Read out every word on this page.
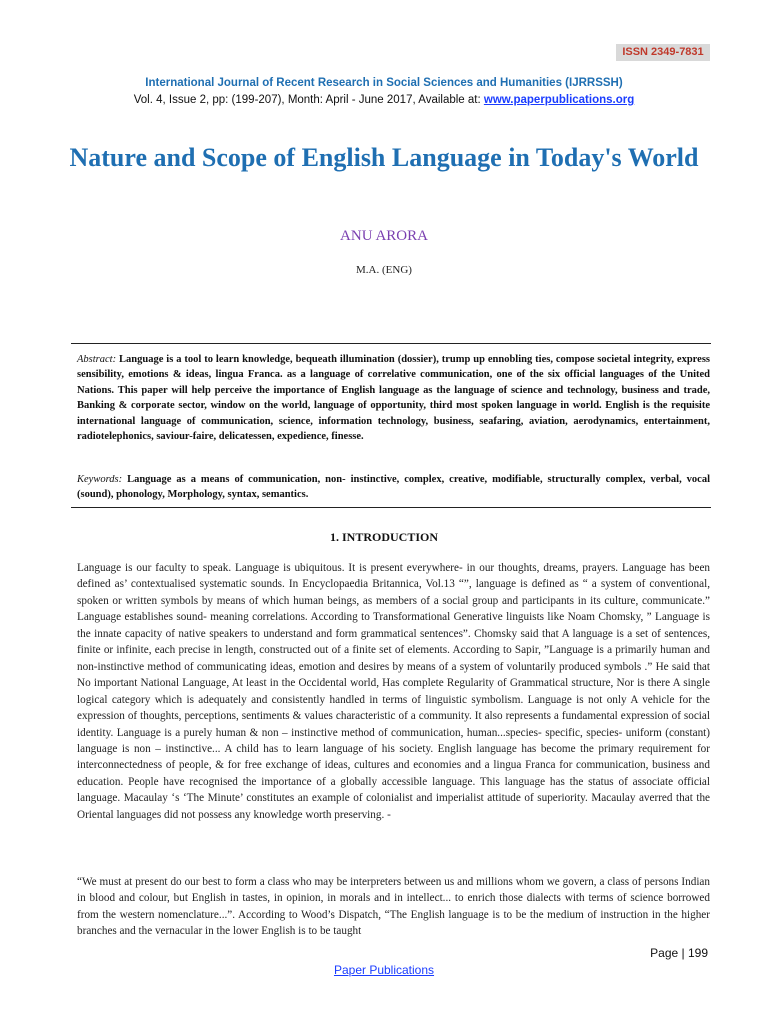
ISSN 2349-7831
International Journal of Recent Research in Social Sciences and Humanities (IJRRSSH)
Vol. 4, Issue 2, pp: (199-207), Month: April - June 2017, Available at: www.paperpublications.org
Nature and Scope of English Language in Today's World
ANU ARORA
M.A. (ENG)

Abstract: Language is a tool to learn knowledge, bequeath illumination (dossier), trump up ennobling ties, compose societal integrity, express sensibility, emotions & ideas, lingua Franca. as a language of correlative communication, one of the six official languages of the United Nations. This paper will help perceive the importance of English language as the language of science and technology, business and trade, Banking & corporate sector, window on the world, language of opportunity, third most spoken language in world. English is the requisite international language of communication, science, information technology, business, seafaring, aviation, aerodynamics, entertainment, radiotelephonics, saviour-faire, delicatessen, expedience, finesse.

Keywords: Language as a means of communication, non- instinctive, complex, creative, modifiable, structurally complex, verbal, vocal (sound), phonology, Morphology, syntax, semantics.

1. INTRODUCTION

Language is our faculty to speak. Language is ubiquitous. It is present everywhere- in our thoughts, dreams, prayers. Language has been defined as’ contextualised systematic sounds. In Encyclopaedia Britannica, Vol.13 “”, language is defined as “ a system of conventional, spoken or written symbols by means of which human beings, as members of a social group and participants in its culture, communicate.” Language establishes sound- meaning correlations. According to Transformational Generative linguists like Noam Chomsky, ” Language is the innate capacity of native speakers to understand and form grammatical sentences”. Chomsky said that A language is a set of sentences, finite or infinite, each precise in length, constructed out of a finite set of elements. According to Sapir, ”Language is a primarily human and non-instinctive method of communicating ideas, emotion and desires by means of a system of voluntarily produced symbols .” He said that No important National Language, At least in the Occidental world, Has complete Regularity of Grammatical structure, Nor is there A single logical category which is adequately and consistently handled in terms of linguistic symbolism. Language is not only A vehicle for the expression of thoughts, perceptions, sentiments & values characteristic of a community. It also represents a fundamental expression of social identity. Language is a purely human & non – instinctive method of communication, human...species- specific, species- uniform (constant) language is non – instinctive... A child has to learn language of his society. English language has become the primary requirement for interconnectedness of people, & for free exchange of ideas, cultures and economies and a lingua Franca for communication, business and education. People have recognised the importance of a globally accessible language. This language has the status of associate official language. Macaulay ‘s ‘The Minute’ constitutes an example of colonialist and imperialist attitude of superiority. Macaulay averred that the Oriental languages did not possess any knowledge worth preserving. -

“We must at present do our best to form a class who may be interpreters between us and millions whom we govern, a class of persons Indian in blood and colour, but English in tastes, in opinion, in morals and in intellect... to enrich those dialects with terms of science borrowed from the western nomenclature...”. According to Wood’s Dispatch, “The English language is to be the medium of instruction in the higher branches and the vernacular in the lower English is to be taught

Page | 199
Paper Publications
